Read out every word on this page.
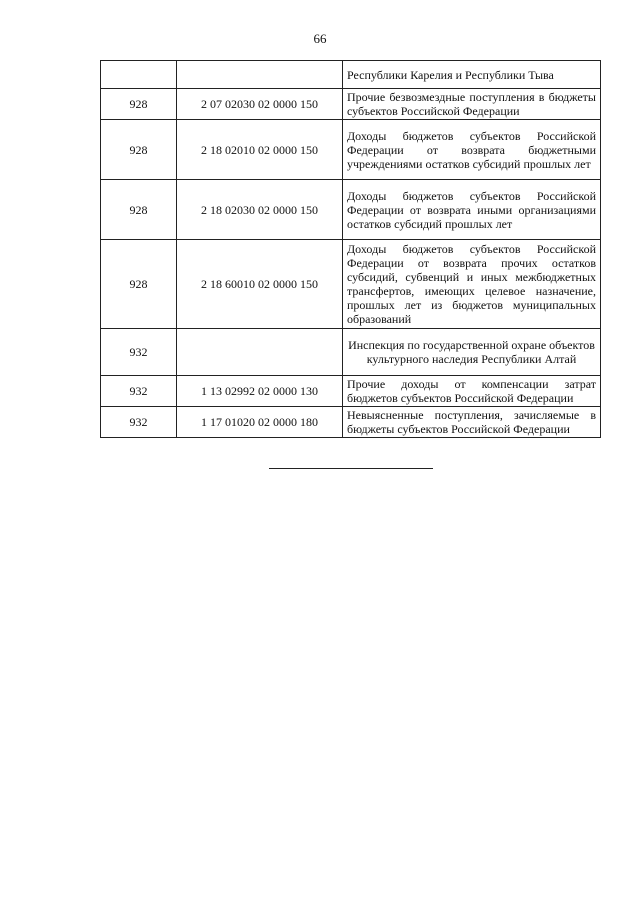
66
		Республики Карелия и Республики Тыва
928	2 07 02030 02 0000 150	Прочие безвозмездные поступления в бюджеты субъектов Российской Федерации
928	2 18 02010 02 0000 150	Доходы бюджетов субъектов Российской Федерации от возврата бюджетными учреждениями остатков субсидий прошлых лет
928	2 18 02030 02 0000 150	Доходы бюджетов субъектов Российской Федерации от возврата иными организациями остатков субсидий прошлых лет
928	2 18 60010 02 0000 150	Доходы бюджетов субъектов Российской Федерации от возврата прочих остатков субсидий, субвенций и иных межбюджетных трансфертов, имеющих целевое назначение, прошлых лет из бюджетов муниципальных образований
932		Инспекция по государственной охране объектов культурного наследия Республики Алтай
932	1 13 02992 02 0000 130	Прочие доходы от компенсации затрат бюджетов субъектов Российской Федерации
932	1 17 01020 02 0000 180	Невыясненные поступления, зачисляемые в бюджеты субъектов Российской Федерации
